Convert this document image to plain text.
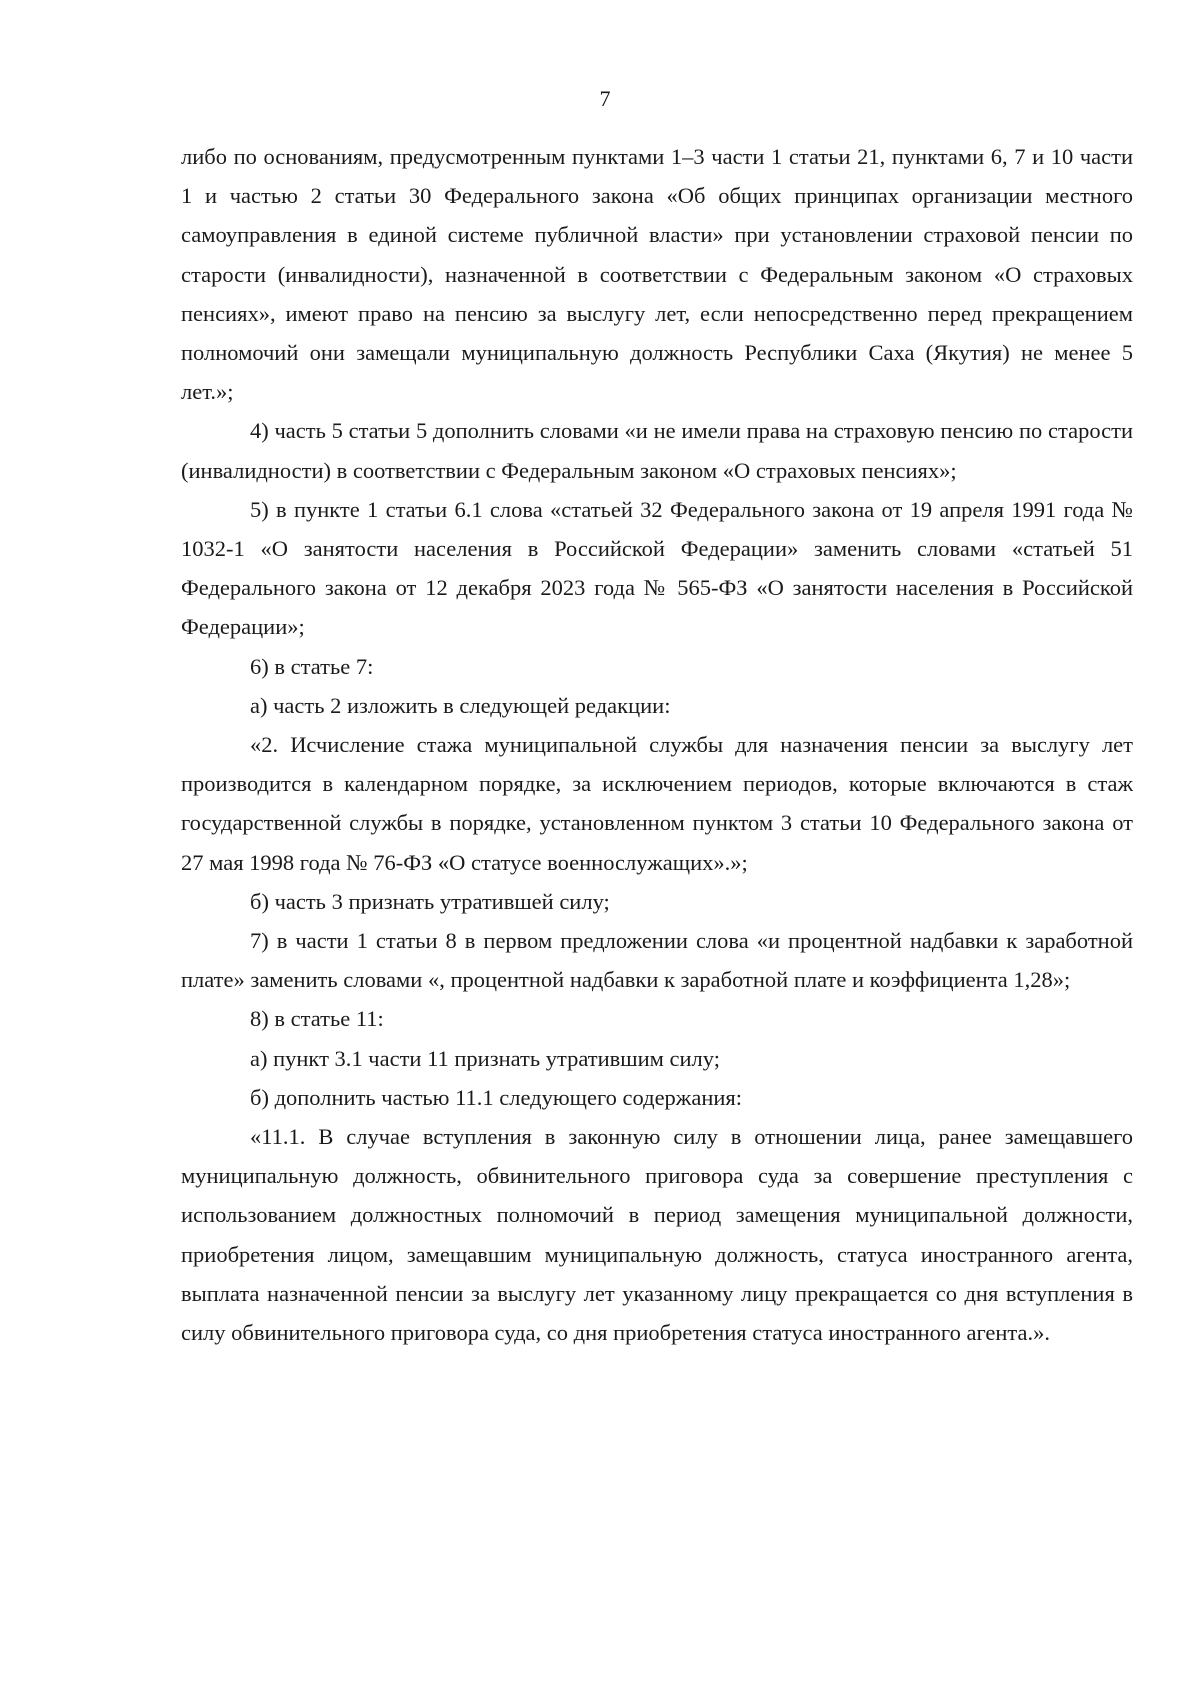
7

либо по основаниям, предусмотренным пунктами 1–3 части 1 статьи 21, пунктами 6, 7 и 10 части 1 и частью 2 статьи 30 Федерального закона «Об общих принципах организации местного самоуправления в единой системе публичной власти» при установлении страховой пенсии по старости (инвалидности), назначенной в соответствии с Федеральным законом «О страховых пенсиях», имеют право на пенсию за выслугу лет, если непосредственно перед прекращением полномочий они замещали муниципальную должность Республики Саха (Якутия) не менее 5 лет.»;

4) часть 5 статьи 5 дополнить словами «и не имели права на страховую пенсию по старости (инвалидности) в соответствии с Федеральным законом «О страховых пенсиях»;

5) в пункте 1 статьи 6.1 слова «статьей 32 Федерального закона от 19 апреля 1991 года № 1032-1 «О занятости населения в Российской Федерации» заменить словами «статьей 51 Федерального закона от 12 декабря 2023 года № 565-ФЗ «О занятости населения в Российской Федерации»;

6) в статье 7:

а) часть 2 изложить в следующей редакции:

«2. Исчисление стажа муниципальной службы для назначения пенсии за выслугу лет производится в календарном порядке, за исключением периодов, которые включаются в стаж государственной службы в порядке, установленном пунктом 3 статьи 10 Федерального закона от 27 мая 1998 года № 76-ФЗ «О статусе военнослужащих».»;

б) часть 3 признать утратившей силу;

7) в части 1 статьи 8 в первом предложении слова «и процентной надбавки к заработной плате» заменить словами «, процентной надбавки к заработной плате и коэффициента 1,28»;

8) в статье 11:

а) пункт 3.1 части 11 признать утратившим силу;

б) дополнить частью 11.1 следующего содержания:

«11.1. В случае вступления в законную силу в отношении лица, ранее замещавшего муниципальную должность, обвинительного приговора суда за совершение преступления с использованием должностных полномочий в период замещения муниципальной должности, приобретения лицом, замещавшим муниципальную должность, статуса иностранного агента, выплата назначенной пенсии за выслугу лет указанному лицу прекращается со дня вступления в силу обвинительного приговора суда, со дня приобретения статуса иностранного агента.».
